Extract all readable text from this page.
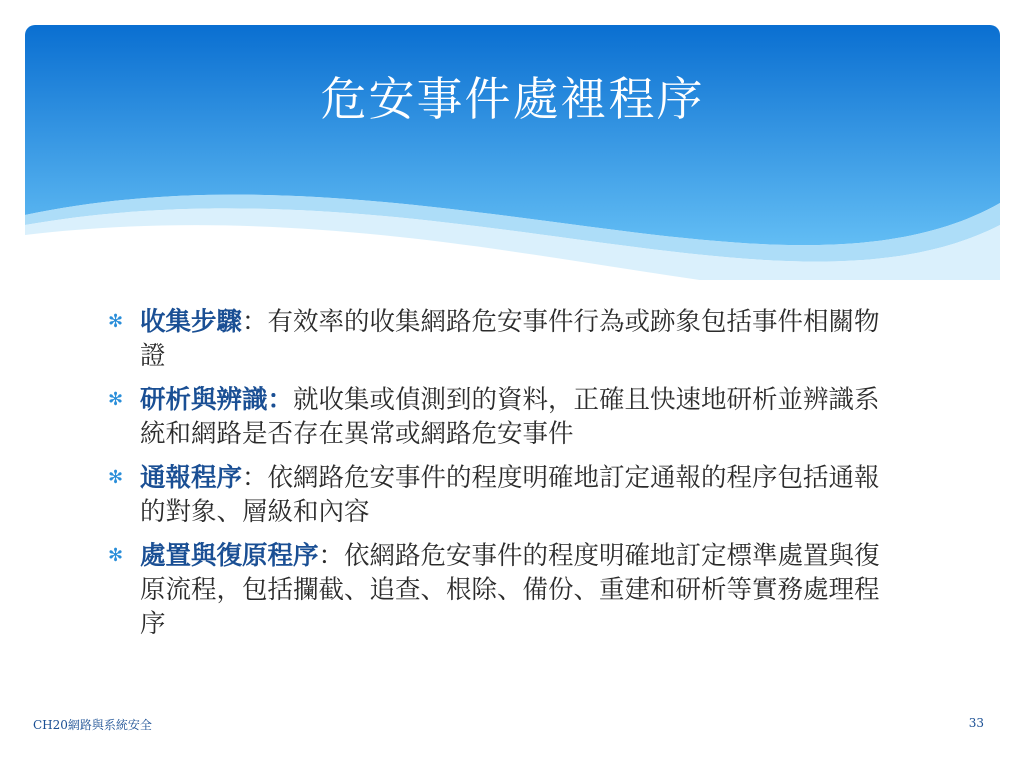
危安事件處裡程序
✻ 收集步驟：有效率的收集網路危安事件行為或跡象包括事件相關物證
✻ 研析與辨識：就收集或偵測到的資料，正確且快速地研析並辨識系統和網路是否存在異常或網路危安事件
✻ 通報程序：依網路危安事件的程度明確地訂定通報的程序包括通報的對象、層級和內容
✻ 處置與復原程序：依網路危安事件的程度明確地訂定標準處置與復原流程，包括攔截、追查、根除、備份、重建和研析等實務處理程序
CH20網路與系統安全	33
